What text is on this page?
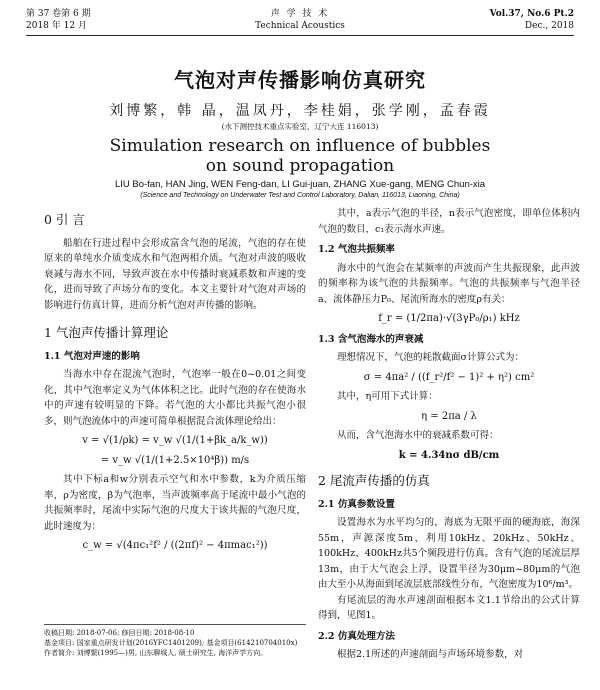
第 37 卷第 6 期
2018 年 12 月
声 学 技 术
Technical Acoustics
Vol.37, No.6 Pt.2
Dec., 2018
气泡对声传播影响仿真研究
刘博繁，韩 晶，温凤丹，李桂娟，张学刚，孟春霞
(水下测控技术重点实验室，辽宁大连 116013)
Simulation research on influence of bubbles on sound propagation
LIU Bo-fan, HAN Jing, WEN Feng-dan, LI Gui-juan, ZHANG Xue-gang, MENG Chun-xia
(Science and Technology on Underwater Test and Control Laboratory, Dalian, 116013, Liaoning, China)
0 引 言

船舶在行进过程中会形成富含气泡的尾流，气泡的存在使原来的单纯水介质变成水和气泡两相介质。气泡对声波的吸收衰减与海水不同，导致声波在水中传播时衰减系数和声速的变化，进而导致了声场分布的变化。本文主要针对气泡对声场的影响进行仿真计算，进而分析气泡对声传播的影响。

1 气泡声传播计算理论
1.1 气泡对声速的影响

当海水中存在混流气泡时，气泡率一般在0~0.01之间变化，其中气泡率定义为气体体积之比。此时气泡的存在使海水中的声速有较明显的下降。若气泡的大小都比共振气泡小很多，则气泡流体中的声速可简单根据混合流体理论给出：

v = √(1/ρk) = v_w √(1/(1+βk_a/k_w))
= v_w √(1/(1+2.5×10⁴β)) m/s

其中下标a和w分别表示空气和水中参数，k为介质压缩率，ρ为密度，β为气泡率，当声波频率高于尾流中最小气泡的共振频率时，尾流中实际气泡的尺度大于该共振的气泡尺度，此时速度为：

c_w = √(4πc₁²f² / ((2πf)² − 4πmac₁²))
收稿日期: 2018-07-06; 修回日期: 2018-08-10
基金项目: 国家重点研发计划(2016YFC1401209); 基金项目(614210704010x)
作者简介: 刘博繁(1995—)男, 山东聊城人, 硕士研究生, 海洋声学方向。

其中，a表示气泡的半径，n表示气泡密度，即单位体积内气泡的数目，c₁表示海水声速。

1.2 气泡共振频率

海水中的气泡会在某频率的声波而产生共振现象，此声波的频率称为该气泡的共振频率。气泡的共振频率与气泡半径a、流体静压力P₀、尾流所海水的密度ρ有关：

f_r = (1/2πa)·√(3γP₀/ρ₁) kHz
1.3 含气泡海水的声衰减

理想情况下，气泡的耗散截面σ计算公式为：

σ = 4πa² / ((f_r²/f² − 1)² + η²) cm²

其中，η可用下式计算：

η = 2πa / λ

从而，含气泡海水中的衰减系数可得：

k = 4.34nσ dB/cm
2 尾流声传播的仿真
2.1 仿真参数设置

设置海水为水平均匀的，海底为无限平面的硬海底，海深55m，声源深度5m，利用10kHz、20kHz、50kHz、100kHz、400kHz共5个频段进行仿真。含有气泡的尾流层厚13m，由于大气泡会上浮，设置半径为30μm~80μm的气泡由大至小从海面到尾流层底部线性分布，气泡密度为10⁶/m³。

有尾流层的海水声速剖面根据本文1.1节给出的公式计算得到，见图1。

2.2 仿真处理方法

根据2.1所述的声速剖面与声场环境参数，对
